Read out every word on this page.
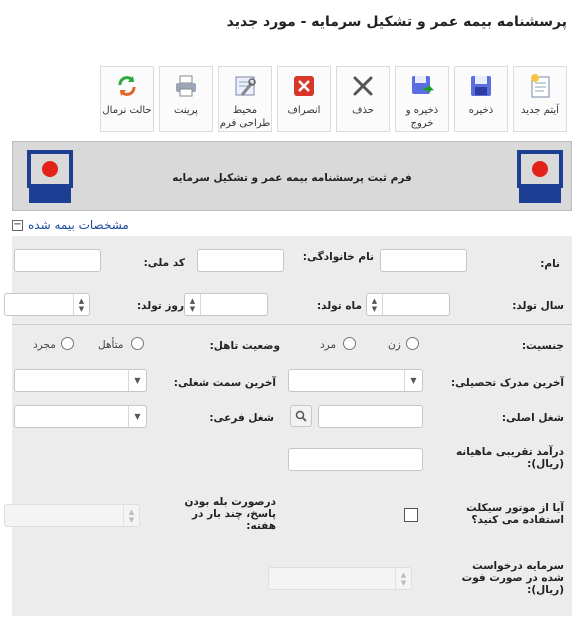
پرسشنامه بیمه عمر و تشکیل سرمایه - مورد جدید
آیتم جدید
ذخیره
ذخیره و خروج
حذف
انصراف
محیط طراحی فرم
پرینت
حالت نرمال
فرم ثبت پرسشنامه بیمه عمر و تشکیل سرمایه
− مشخصات بیمه شده
نام:
نام خانوادگی:
کد ملی:
سال تولد:
▲
▼
ماه تولد:
▲
▼
روز تولد:
▲
▼
جنسیت:
زن
مرد
وضعیت تاهل:
متأهل
مجرد
آخرین مدرک تحصیلی:
▼
آخرین سمت شغلی:
▼
شغل اصلی:
شغل فرعی:
▼
درآمد تقریبی ماهیانه (ریال):
آیا از موتور سیکلت استفاده می کنید؟
درصورت بله بودن پاسخ، چند بار در هفته:
▲
▼
سرمایه درخواست شده در صورت فوت (ریال):
▲
▼
